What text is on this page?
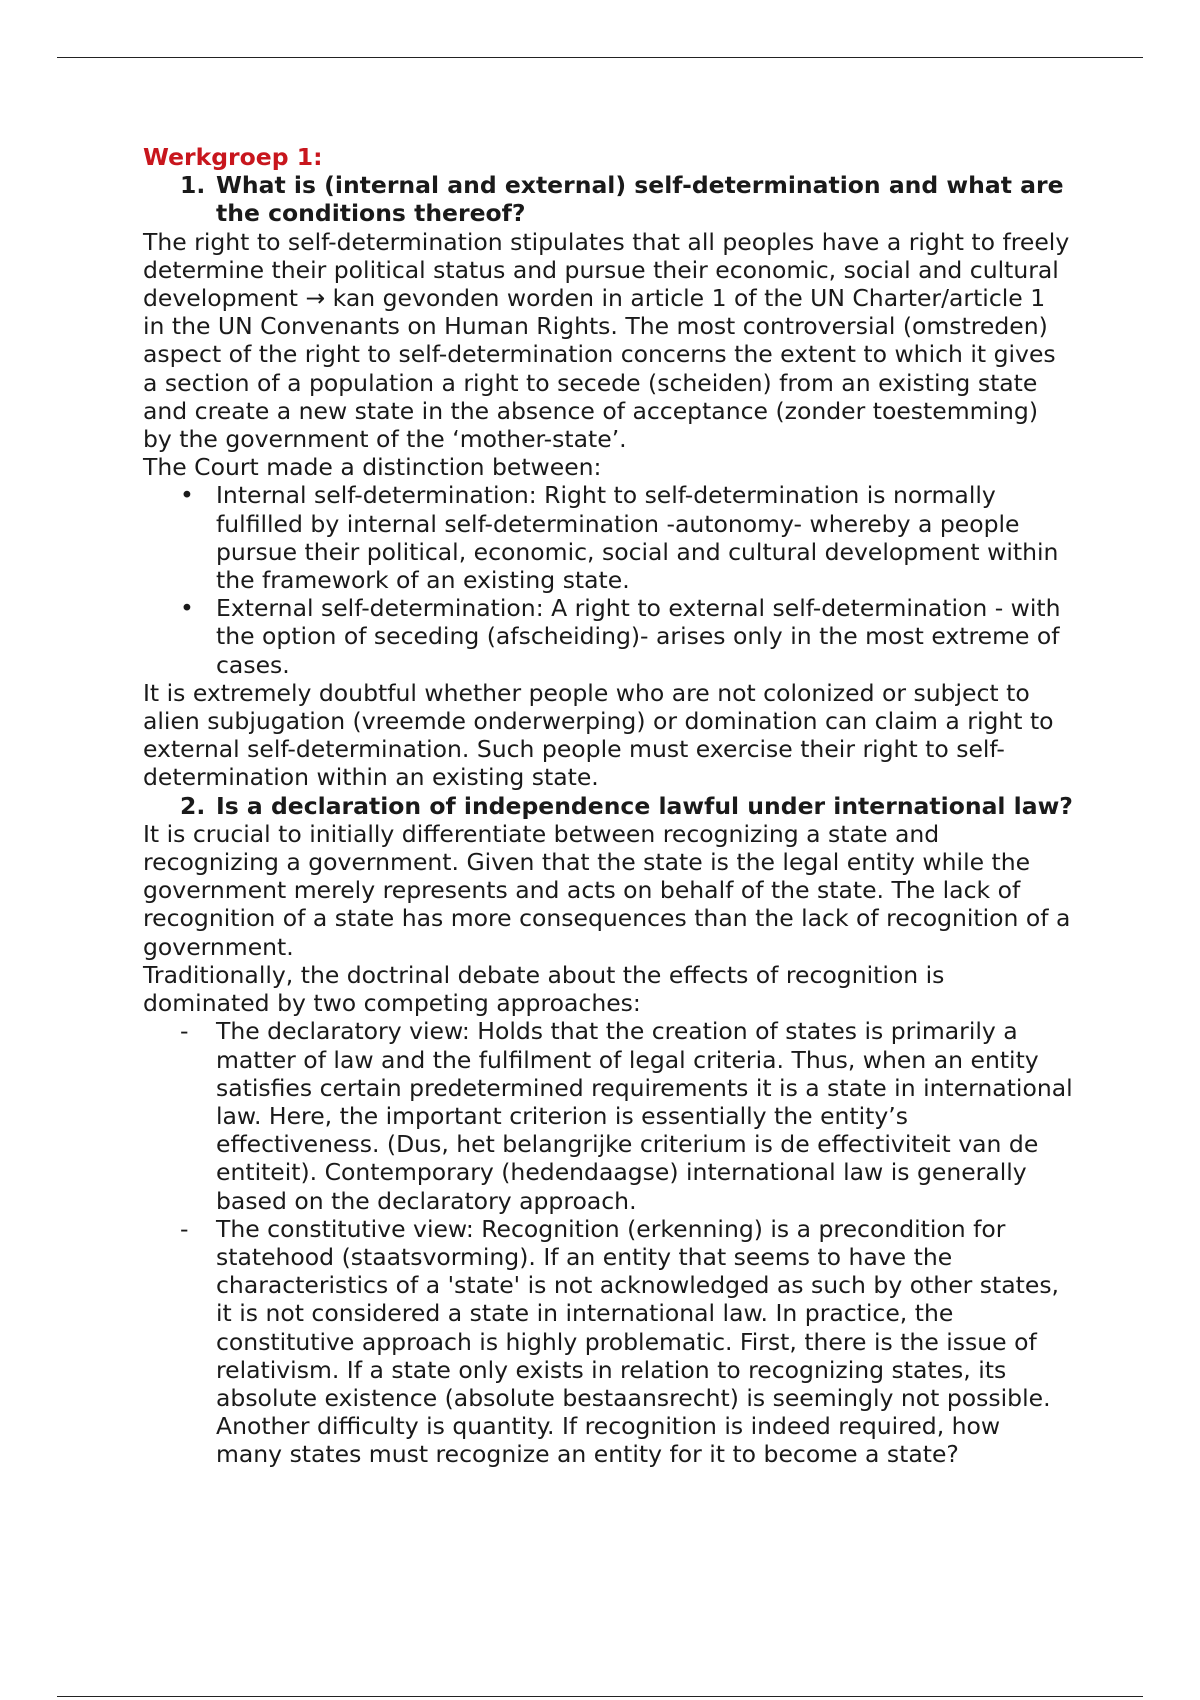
Werkgroep 1:

1. What is (internal and external) self-determination and what are the conditions thereof?

The right to self-determination stipulates that all peoples have a right to freely determine their political status and pursue their economic, social and cultural development → kan gevonden worden in article 1 of the UN Charter/article 1 in the UN Convenants on Human Rights. The most controversial (omstreden) aspect of the right to self-determination concerns the extent to which it gives a section of a population a right to secede (scheiden) from an existing state and create a new state in the absence of acceptance (zonder toestemming) by the government of the ‘mother-state’.

The Court made a distinction between:

• Internal self-determination: Right to self-determination is normally fulfilled by internal self-determination -autonomy- whereby a people pursue their political, economic, social and cultural development within the framework of an existing state.
• External self-determination: A right to external self-determination - with the option of seceding (afscheiding)- arises only in the most extreme of cases.

It is extremely doubtful whether people who are not colonized or subject to alien subjugation (vreemde onderwerping) or domination can claim a right to external self-determination. Such people must exercise their right to self-determination within an existing state.

2. Is a declaration of independence lawful under international law?

It is crucial to initially differentiate between recognizing a state and recognizing a government. Given that the state is the legal entity while the government merely represents and acts on behalf of the state. The lack of recognition of a state has more consequences than the lack of recognition of a government.

Traditionally, the doctrinal debate about the effects of recognition is dominated by two competing approaches:

-	The declaratory view: Holds that the creation of states is primarily a matter of law and the fulfilment of legal criteria. Thus, when an entity satisfies certain predetermined requirements it is a state in international law. Here, the important criterion is essentially the entity’s effectiveness. (Dus, het belangrijke criterium is de effectiviteit van de entiteit). Contemporary (hedendaagse) international law is generally based on the declaratory approach.
-	The constitutive view: Recognition (erkenning) is a precondition for statehood (staatsvorming). If an entity that seems to have the characteristics of a 'state' is not acknowledged as such by other states, it is not considered a state in international law. In practice, the constitutive approach is highly problematic. First, there is the issue of relativism. If a state only exists in relation to recognizing states, its absolute existence (absolute bestaansrecht) is seemingly not possible. Another difficulty is quantity. If recognition is indeed required, how many states must recognize an entity for it to become a state?
